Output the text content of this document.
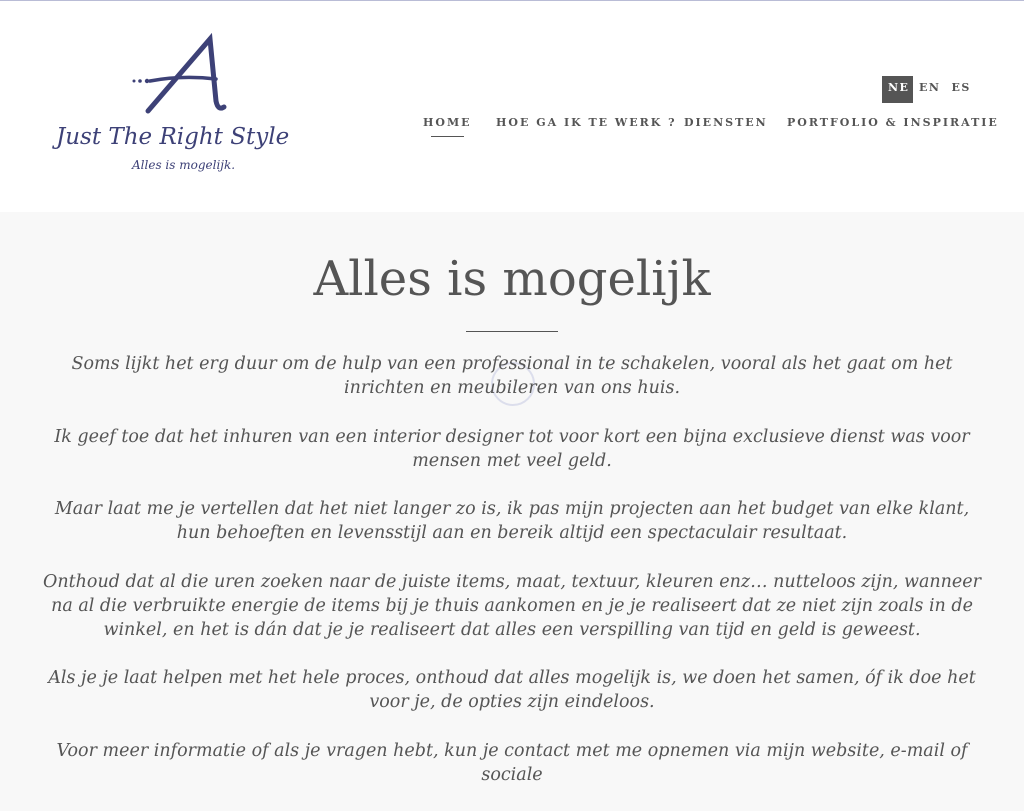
Just The Right Style
Alles is mogelijk.
NE EN	ES
HOME HOE GA IK TE WERK ? DIENSTEN PORTFOLIO & INSPIRATIE
Alles is mogelijk

Soms lijkt het erg duur om de hulp van een professional in te schakelen, vooral als het gaat om het inrichten en meubileren van ons huis.

Ik geef toe dat het inhuren van een interior designer tot voor kort een bijna exclusieve dienst was voor mensen met veel geld.

Maar laat me je vertellen dat het niet langer zo is, ik pas mijn projecten aan het budget van elke klant, hun behoeften en levensstijl aan en bereik altijd een spectaculair resultaat.

Onthoud dat al die uren zoeken naar de juiste items, maat, textuur, kleuren enz… nutteloos zijn, wanneer na al die verbruikte energie de items bij je thuis aankomen en je je realiseert dat ze niet zijn zoals in de winkel, en het is dán dat je je realiseert dat alles een verspilling van tijd en geld is geweest.

Als je je laat helpen met het hele proces, onthoud dat alles mogelijk is, we doen het samen, óf ik doe het voor je, de opties zijn eindeloos.

Voor meer informatie of als je vragen hebt, kun je contact met me opnemen via mijn website, e-mail of sociale
